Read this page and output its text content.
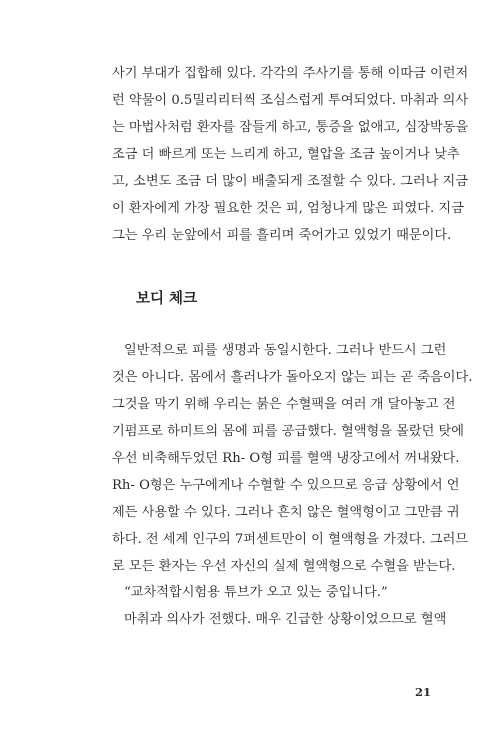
사기 부대가 집합해 있다. 각각의 주사기를 통해 이따금 이런저
런 약물이 0.5밀리리터씩 조심스럽게 투여되었다. 마취과 의사
는 마법사처럼 환자를 잠들게 하고, 통증을 없애고, 심장박동을
조금 더 빠르게 또는 느리게 하고, 혈압을 조금 높이거나 낮추
고, 소변도 조금 더 많이 배출되게 조절할 수 있다. 그러나 지금
이 환자에게 가장 필요한 것은 피, 엄청나게 많은 피였다. 지금
그는 우리 눈앞에서 피를 흘리며 죽어가고 있었기 때문이다.
보디 체크
일반적으로 피를 생명과 동일시한다. 그러나 반드시 그런
것은 아니다. 몸에서 흘러나가 돌아오지 않는 피는 곧 죽음이다.
그것을 막기 위해 우리는 붉은 수혈팩을 여러 개 달아놓고 전
기펌프로 하미트의 몸에 피를 공급했다. 혈액형을 몰랐던 탓에
우선 비축해두었던 Rh- O형 피를 혈액 냉장고에서 꺼내왔다.
Rh- O형은 누구에게나 수혈할 수 있으므로 응급 상황에서 언
제든 사용할 수 있다. 그러나 흔치 않은 혈액형이고 그만큼 귀
하다. 전 세계 인구의 7퍼센트만이 이 혈액형을 가졌다. 그러므
로 모든 환자는 우선 자신의 실제 혈액형으로 수혈을 받는다.
“교차적합시험용 튜브가 오고 있는 중입니다.”
마취과 의사가 전했다. 매우 긴급한 상황이었으므로 혈액
21
